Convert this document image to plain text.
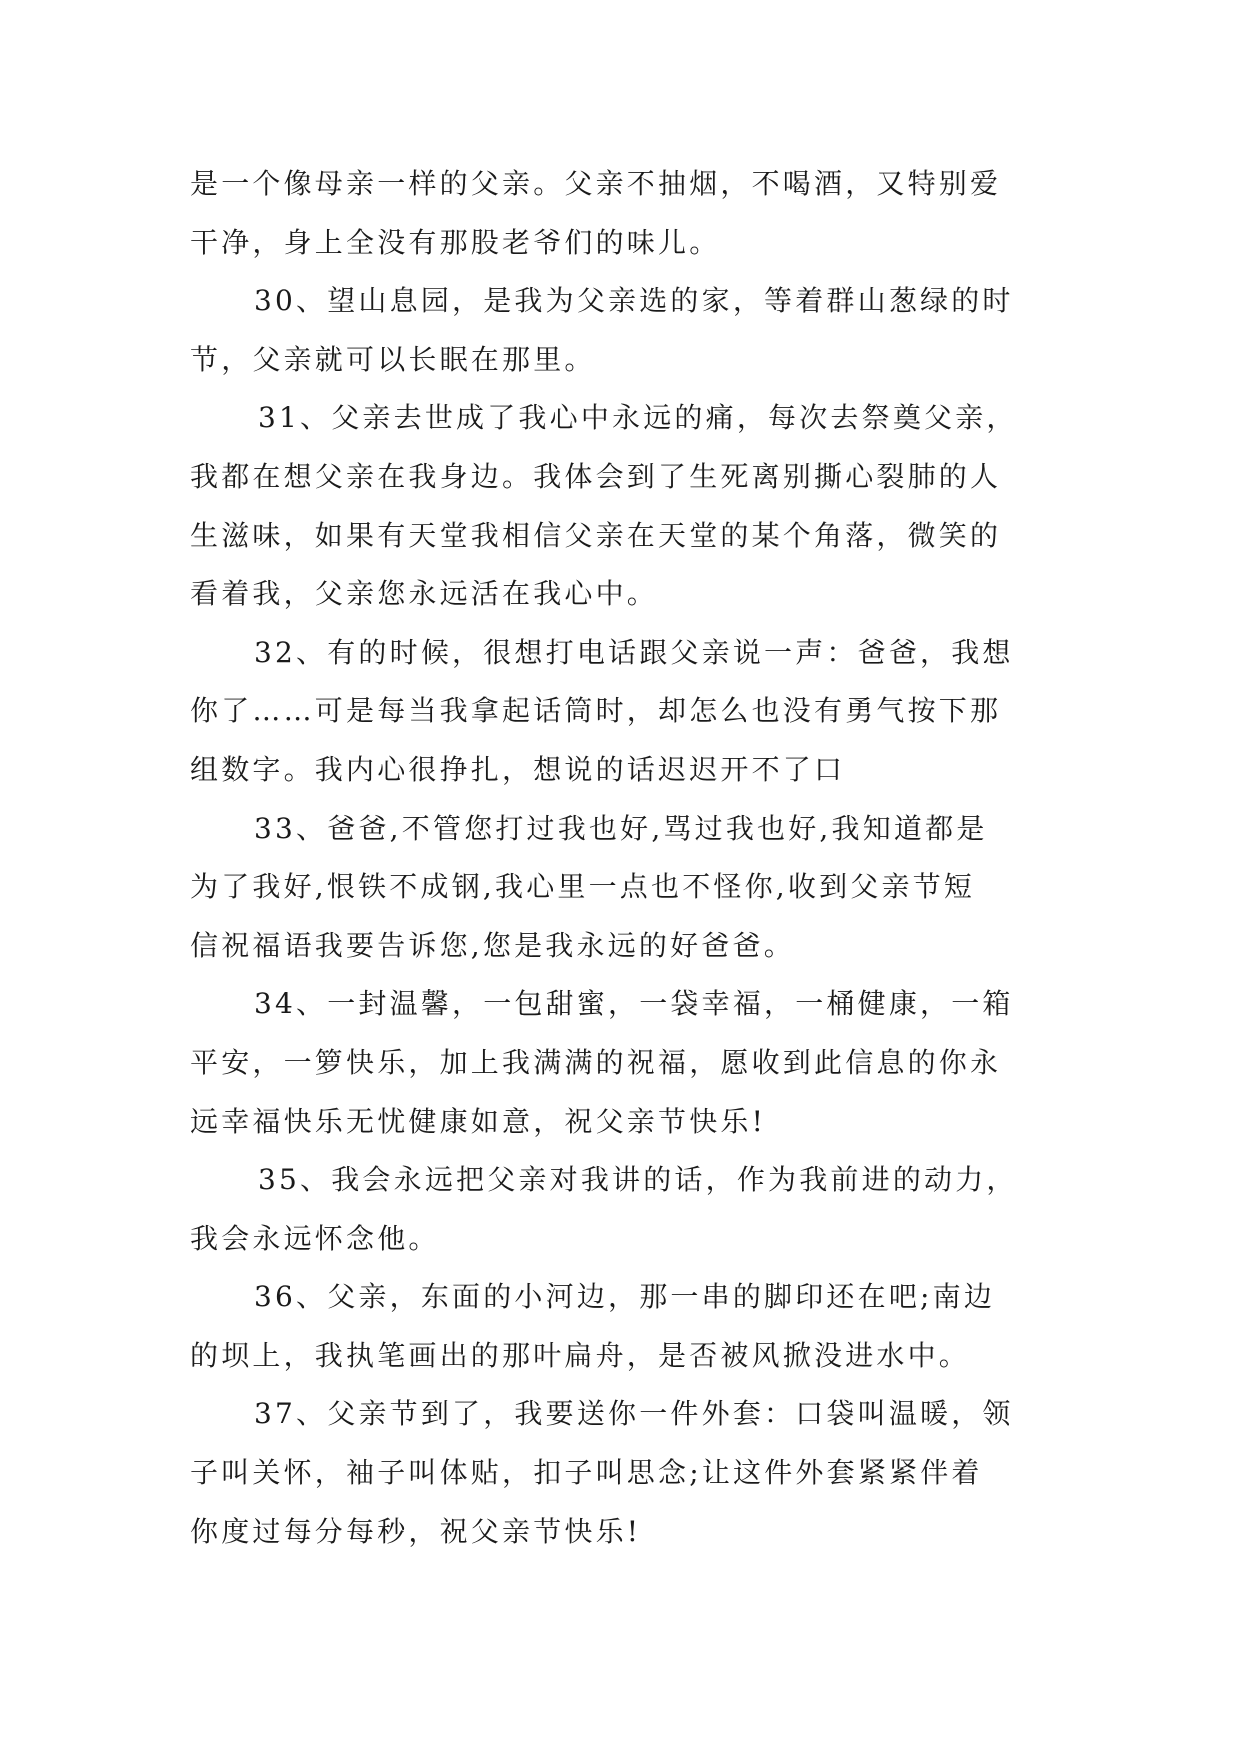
是一个像母亲一样的父亲。父亲不抽烟，不喝酒，又特别爱
干净，身上全没有那股老爷们的味儿。
30、望山息园，是我为父亲选的家，等着群山葱绿的时
节，父亲就可以长眠在那里。
31、父亲去世成了我心中永远的痛，每次去祭奠父亲，
我都在想父亲在我身边。我体会到了生死离别撕心裂肺的人
生滋味，如果有天堂我相信父亲在天堂的某个角落，微笑的
看着我，父亲您永远活在我心中。
32、有的时候，很想打电话跟父亲说一声：爸爸，我想
你了……可是每当我拿起话筒时，却怎么也没有勇气按下那
组数字。我内心很挣扎，想说的话迟迟开不了口
33、爸爸,不管您打过我也好,骂过我也好,我知道都是
为了我好,恨铁不成钢,我心里一点也不怪你,收到父亲节短
信祝福语我要告诉您,您是我永远的好爸爸。
34、一封温馨，一包甜蜜，一袋幸福，一桶健康，一箱
平安，一箩快乐，加上我满满的祝福，愿收到此信息的你永
远幸福快乐无忧健康如意，祝父亲节快乐!
35、我会永远把父亲对我讲的话，作为我前进的动力，
我会永远怀念他。
36、父亲，东面的小河边，那一串的脚印还在吧;南边
的坝上，我执笔画出的那叶扁舟，是否被风掀没进水中。
37、父亲节到了，我要送你一件外套：口袋叫温暖，领
子叫关怀，袖子叫体贴，扣子叫思念;让这件外套紧紧伴着
你度过每分每秒，祝父亲节快乐!
